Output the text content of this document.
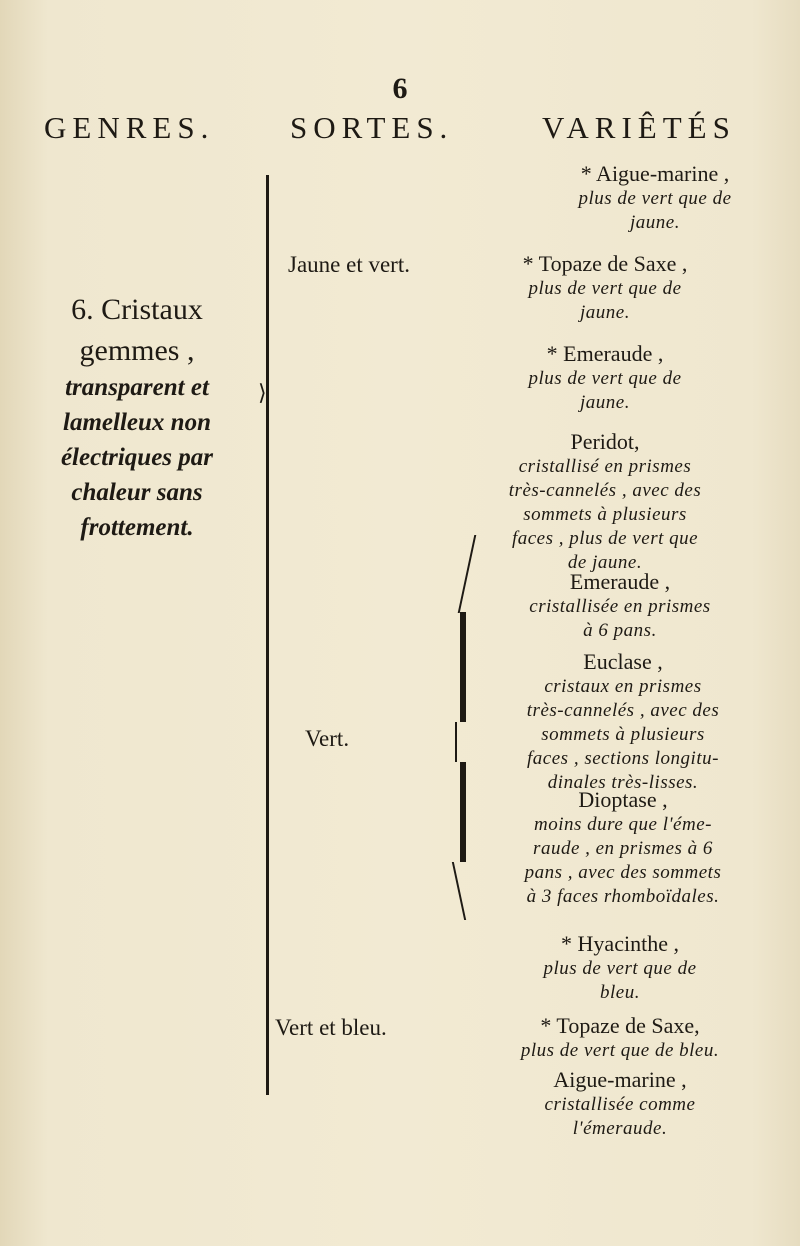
6
GENRES. SORTES.	VARIÊTÉS
6. Cristaux
gemmes ,
transparent et
lamelleux non
électriques par
chaleur sans
frottement.
⟩
Jaune et vert.
Vert.
Vert et bleu.
* Aigue-marine ,
plus de vert que de
jaune.
* Topaze de Saxe ,
plus de vert que de
jaune.
* Emeraude ,
plus de vert que de
jaune.
Peridot,
cristallisé en prismes
très-cannelés , avec des
sommets à plusieurs
faces , plus de vert que
de jaune.
Emeraude ,
cristallisée en prismes
à 6 pans.
Euclase ,
cristaux en prismes
très-cannelés , avec des
sommets à plusieurs
faces , sections longitu-
dinales très-lisses.
Dioptase ,
moins dure que l'éme-
raude , en prismes à 6
pans , avec des sommets
à 3 faces rhomboïdales.
* Hyacinthe ,
plus de vert que de
bleu.
* Topaze de Saxe,
plus de vert que de bleu.
Aigue-marine ,
cristallisée comme
l'émeraude.
